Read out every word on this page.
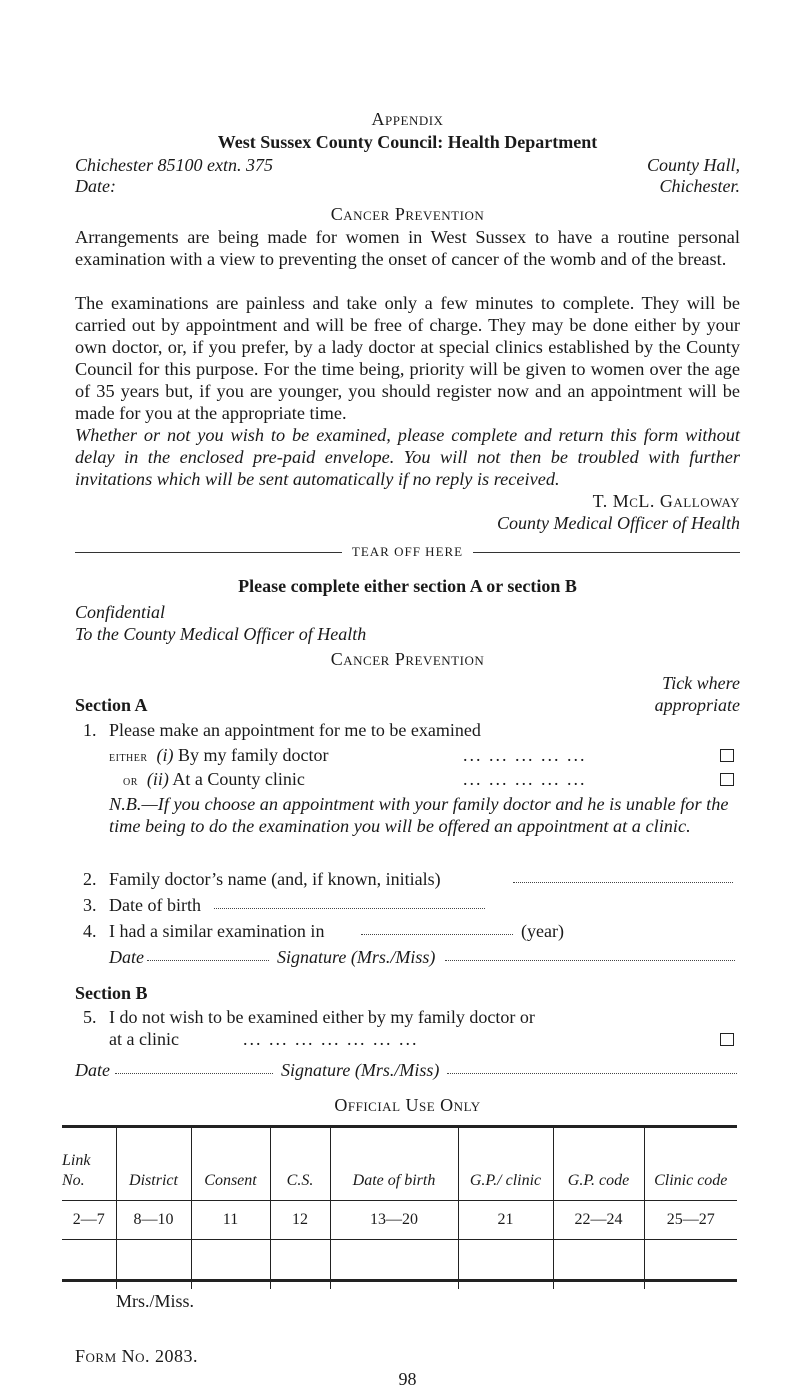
Appendix
West Sussex County Council: Health Department
Chichester 85100 extn. 375	County Hall,
Date:	Chichester.
Cancer Prevention
Arrangements are being made for women in West Sussex to have a routine personal examination with a view to preventing the onset of cancer of the womb and of the breast.
The examinations are painless and take only a few minutes to complete. They will be carried out by appointment and will be free of charge. They may be done either by your own doctor, or, if you prefer, by a lady doctor at special clinics established by the County Council for this purpose. For the time being, priority will be given to women over the age of 35 years but, if you are younger, you should register now and an appointment will be made for you at the appropriate time.
Whether or not you wish to be examined, please complete and return this form without delay in the enclosed pre-paid envelope. You will not then be troubled with further invitations which will be sent automatically if no reply is received.
T. McL. Galloway
County Medical Officer of Health
TEAR OFF HERE
Please complete either section A or section B
Confidential
To the County Medical Officer of Health
Cancer Prevention
Tick where
Section A	appropriate
1. Please make an appointment for me to be examined
either (i) By my family doctor	... ... ... ... ...
or (ii) At a County clinic	... ... ... ... ...
N.B.—If you choose an appointment with your family doctor and he is unable for the time being to do the examination you will be offered an appointment at a clinic.
2. Family doctor’s name (and, if known, initials)
3. Date of birth
4. I had a similar examination in	(year)
Date	Signature (Mrs./Miss)
Section B
5. I do not wish to be examined either by my family doctor or
at a clinic	... ... ... ... ... ... ...
Date	Signature (Mrs./Miss)
Official Use Only
Link No.	District	Consent	C.S.	Date of birth	G.P./ clinic	G.P. code	Clinic code
2—7	8—10	11	12	13—20	21	22—24	25—27

Mrs./Miss.
Form No. 2083.
98
